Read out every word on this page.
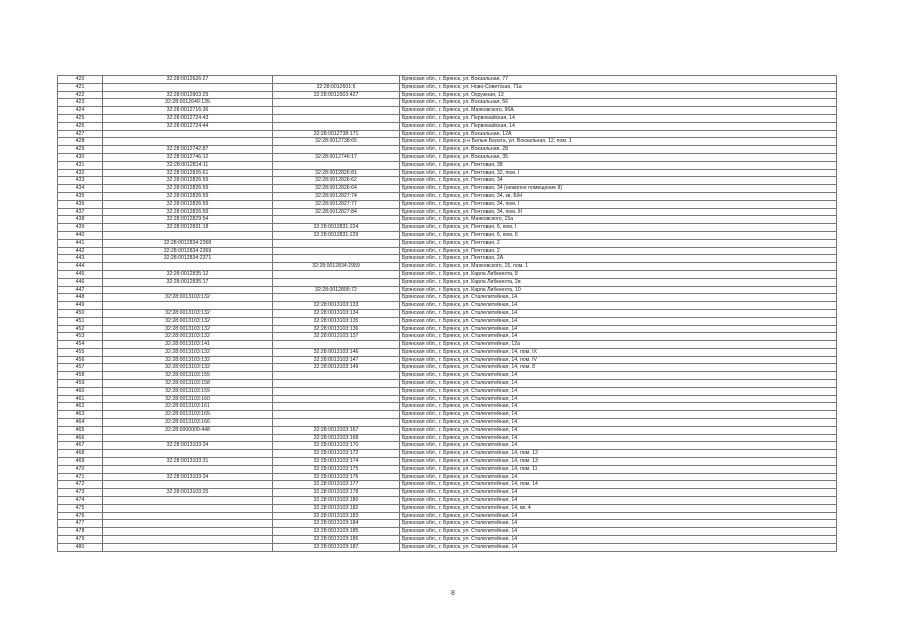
420	32:28:0012626:27		Брянская обл., г. Брянск, ул. Вокзальная, 77
421		32:28:0012601:6	Брянская обл., г. Брянск, ул. Ново-Советская, 71а
422	32:28:0012903:29	32:28:0012903:427	Брянская обл., г. Брянск, ул. Окружная, 13
423	32:28:0012640:135		Брянская обл., г. Брянск, ул. Вокзальная, 56
424	32:28:0012716:36		Брянская обл., г. Брянск, ул. Маяковского, 96А
425	32:28:0012724:43		Брянская обл., г. Брянск, ул. Первомайская, 14
426	32:28:0012724:44		Брянская обл., г. Брянск, ул. Первомайская, 14
427		32:28:0012738:171	Брянская обл., г. Брянск, ул. Вокзальная, 12А
428		32:28:0012738:65	Брянская обл., г. Брянск, р-н Белые Берега, ул. Вокзальная, 12, пом. 1
429	32:28:0012742:87		Брянская обл., г. Брянск, ул. Вокзальная, 28
430	32:28:0012746:12	32:28:0012746:17	Брянская обл., г. Брянск, ул. Вокзальная, 35
431	32:28:0012814:11		Брянская обл., г. Брянск, ул. Почтовая, 38
432	32:28:0012826:61	32:28:0012826:81	Брянская обл., г. Брянск, ул. Почтовая, 32, пом. I
433	32:28:0012826:59	32:28:0012826:62	Брянская обл., г. Брянск, ул. Почтовая, 34
434	32:28:0012826:59	32:28:0012826:64	Брянская обл., г. Брянск, ул. Почтовая, 34 (нежилое помещение II)
435	32:28:0012826:59	32:28:0012827:74	Брянская обл., г. Брянск, ул. Почтовая, 34, кв. Б/Н
436	32:28:0012826:59	32:28:0012827:77	Брянская обл., г. Брянск, ул. Почтовая, 34, пом. I
437	32:28:0012826:59	32:28:0012827:84	Брянская обл., г. Брянск, ул. Почтовая, 34, пом. III
438	32:28:0012829:54		Брянская обл., г. Брянск, ул. Маяковского, 15а
439	32:28:0012831:18	32:28:0012831:224	Брянская обл., г. Брянск, ул. Почтовая, 6, пом. I
440		32:28:0012831:229	Брянская обл., г. Брянск, ул. Почтовая, 6, пом. II
441	32:28:0012834:2368		Брянская обл., г. Брянск, ул. Почтовая, 2
442	32:28:0012834:2369		Брянская обл., г. Брянск, ул. Почтовая, 2
443	32:28:0012834:2371		Брянская обл., г. Брянск, ул. Почтовая, 2А
444		32:28:0012834:2959	Брянская обл., г. Брянск, ул. Маяковского, 15, пом. 1
445	32:28:0012835:12		Брянская обл., г. Брянск, ул. Карла Либкнехта, 8
446	32:28:0012835:17		Брянская обл., г. Брянск, ул. Карла Либкнехта, 2в
447		32:28:0012895:72	Брянская обл., г. Брянск, ул. Карла Либкнехта, 10
448	32:28:0013103:132		Брянская обл., г. Брянск, ул. Сталелитейная, 14
449		32:28:0013103:133	Брянская обл., г. Брянск, ул. Сталелитейная, 14
450	32:28:0013103:132	32:28:0013103:134	Брянская обл., г. Брянск, ул. Сталелитейная, 14
451	32:28:0013103:132	32:28:0013103:135	Брянская обл., г. Брянск, ул. Сталелитейная, 14
452	32:28:0013103:132	32:28:0013103:136	Брянская обл., г. Брянск, ул. Сталелитейная, 14
453	32:28:0013103:132	32:28:0013103:137	Брянская обл., г. Брянск, ул. Сталелитейная, 14
454	32:28:0013103:141		Брянская обл., г. Брянск, ул. Сталелитейная, 12а
455	32:28:0013103:132	32:28:0013103:146	Брянская обл., г. Брянск, ул. Сталелитейная, 14, пом. IX
456	32:28:0013103:132	32:28:0013103:147	Брянская обл., г. Брянск, ул. Сталелитейная, 14, пом. IV
457	32:28:0013103:132	32:28:0013103:149	Брянская обл., г. Брянск, ул. Сталелитейная, 14, пом. 8
458	32:28:0013103:155		Брянская обл., г. Брянск, ул. Сталелитейная, 14
459	32:28:0013103:158		Брянская обл., г. Брянск, ул. Сталелитейная, 14
460	32:28:0013103:159		Брянская обл., г. Брянск, ул. Сталелитейная, 14
461	32:28:0013103:160		Брянская обл., г. Брянск, ул. Сталелитейная, 14
462	32:28:0013103:161		Брянская обл., г. Брянск, ул. Сталелитейная, 14
463	32:28:0013103:165		Брянская обл., г. Брянск, ул. Сталелитейная, 14
464	32:28:0013103:166		Брянская обл., г. Брянск, ул. Сталелитейная, 14
465	32:28:0000000:448	32:28:0013103:167	Брянская обл., г. Брянск, ул. Сталелитейная, 14
466		32:28:0013103:168	Брянская обл., г. Брянск, ул. Сталелитейная, 14
467	32:28:0013103:24	32:28:0013103:170	Брянская обл., г. Брянск, ул. Сталелитейная, 14
468		32:28:0013103:172	Брянская обл., г. Брянск, ул. Сталелитейная, 14, пом. 12
469	32:28:0013103:31	32:28:0013103:174	Брянская обл., г. Брянск, ул. Сталелитейная, 14, пом. 13
470		32:28:0013103:175	Брянская обл., г. Брянск, ул. Сталелитейная, 14, пом. 11
471	32:28:0013103:24	32:28:0013103:176	Брянская обл., г. Брянск, ул. Сталелитейная, 14
472		32:28:0013103:177	Брянская обл., г. Брянск, ул. Сталелитейная, 14, пом. 14
473	32:28:0013103:25	32:28:0013103:178	Брянская обл., г. Брянск, ул. Сталелитейная, 14
474		32:28:0013103:180	Брянская обл., г. Брянск, ул. Сталелитейная, 14
475		32:28:0013103:182	Брянская обл., г. Брянск, ул. Сталелитейная, 14, кв. 4
476		32:28:0013103:183	Брянская обл., г. Брянск, ул. Сталелитейная, 14
477		32:28:0013103:184	Брянская обл., г. Брянск, ул. Сталелитейная, 14
478		32:28:0013103:185	Брянская обл., г. Брянск, ул. Сталелитейная, 14
479		32:28:0013103:186	Брянская обл., г. Брянск, ул. Сталелитейная, 14
480		32:28:0013103:187	Брянская обл., г. Брянск, ул. Сталелитейная, 14
8
